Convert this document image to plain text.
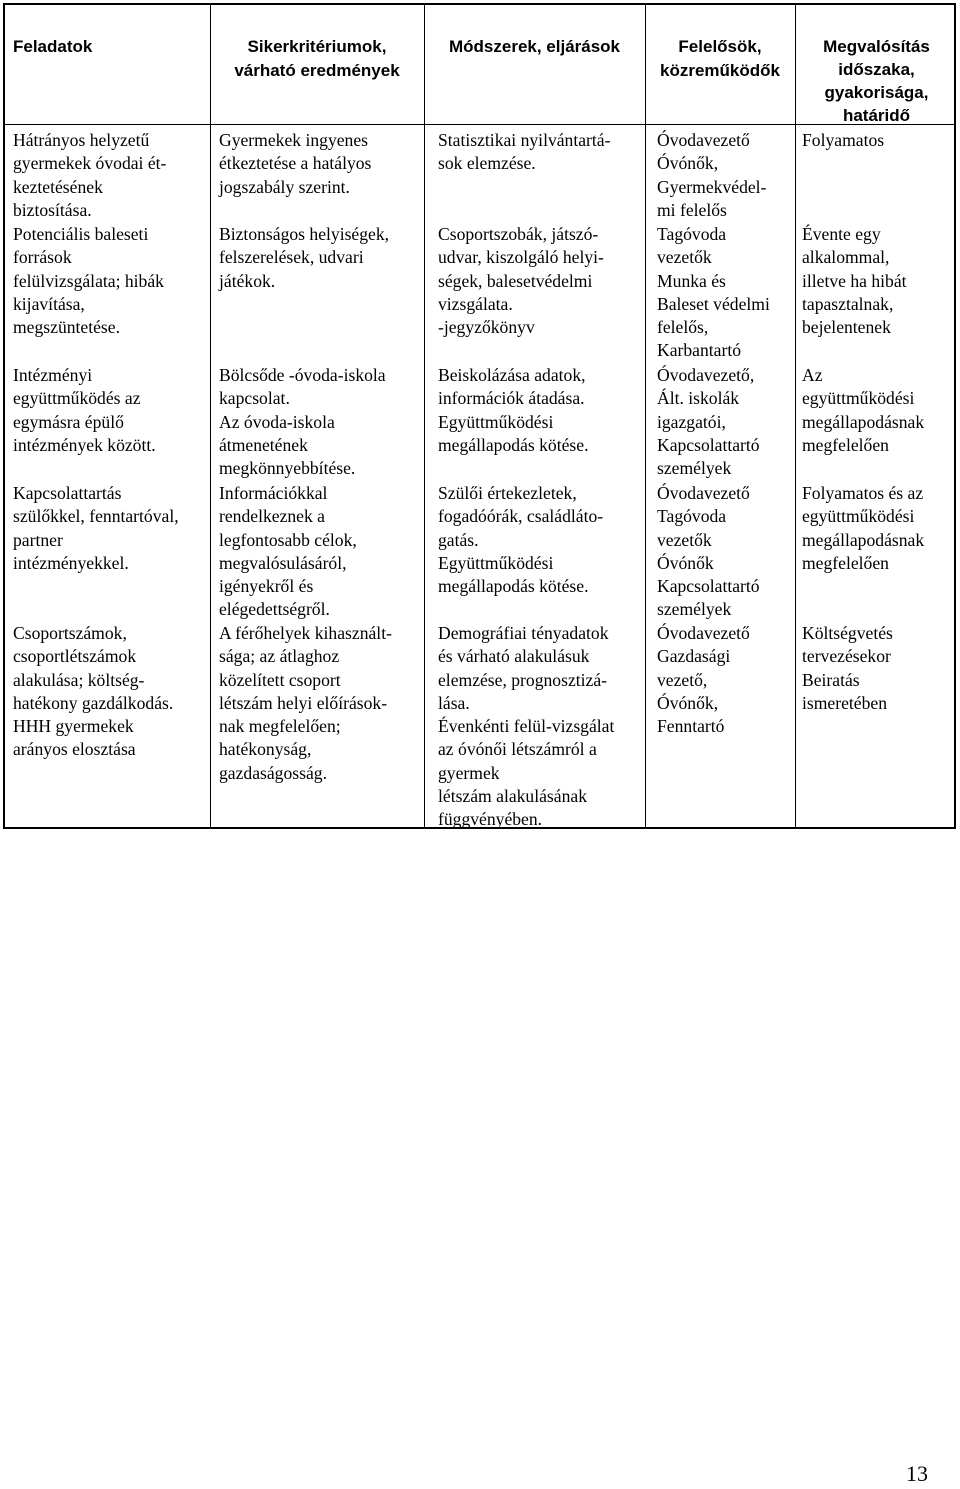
Feladatok	Sikerkritériumok,
várható eredmények
Módszerek, eljárások	Felelősök,
közreműködők
Megvalósítás
időszaka,
gyakorisága,
határidő
Hátrányos helyzetű
gyermekek óvodai ét-
keztetésének
biztosítása.
Potenciális baleseti
források
felülvizsgálata; hibák
kijavítása,
megszüntetése.
Intézményi
együttműködés az
egymásra épülő
intézmények között.
Kapcsolattartás
szülőkkel, fenntartóval,
partner
intézményekkel.
Csoportszámok,
csoportlétszámok
alakulása; költség-
hatékony gazdálkodás.
HHH gyermekek
arányos elosztása
Gyermekek ingyenes
étkeztetése a hatályos
jogszabály szerint.
Biztonságos helyiségek,
felszerelések, udvari
játékok.
Bölcsőde -óvoda-iskola
kapcsolat.
Az óvoda-iskola
átmenetének
megkönnyebbítése.
Információkkal
rendelkeznek a
legfontosabb célok,
megvalósulásáról,
igényekről és
elégedettségről.
A férőhelyek kihasznált-
sága; az átlaghoz
közelített csoport
létszám helyi előírások-
nak megfelelően;
hatékonyság,
gazdaságosság.
Statisztikai nyilvántartá-
sok elemzése.
Csoportszobák, játszó-
udvar, kiszolgáló helyi-
ségek, balesetvédelmi
vizsgálata.
-jegyzőkönyv
Beiskolázása adatok,
információk átadása.
Együttműködési
megállapodás kötése.
Szülői értekezletek,
fogadóórák, családláto-
gatás.
Együttműködési
megállapodás kötése.
Demográfiai tényadatok
és várható alakulásuk
elemzése, prognosztizá-
lása.
Évenkénti felül-vizsgálat
az óvónői létszámról a
gyermek
létszám alakulásának
függvényében.
Óvodavezető
Óvónők,
Gyermekvédel-
mi felelős
Tagóvoda
vezetők
Munka és
Baleset védelmi
felelős,
Karbantartó
Óvodavezető,
Ált. iskolák
igazgatói,
Kapcsolattartó
személyek
Óvodavezető
Tagóvoda
vezetők
Óvónők
Kapcsolattartó
személyek
Óvodavezető
Gazdasági
vezető,
Óvónők,
Fenntartó
Folyamatos
Évente egy
alkalommal,
illetve ha hibát
tapasztalnak,
bejelentenek
Az
együttműködési
megállapodásnak
megfelelően
Folyamatos és az
együttműködési
megállapodásnak
megfelelően
Költségvetés
tervezésekor
Beiratás
ismeretében
13
